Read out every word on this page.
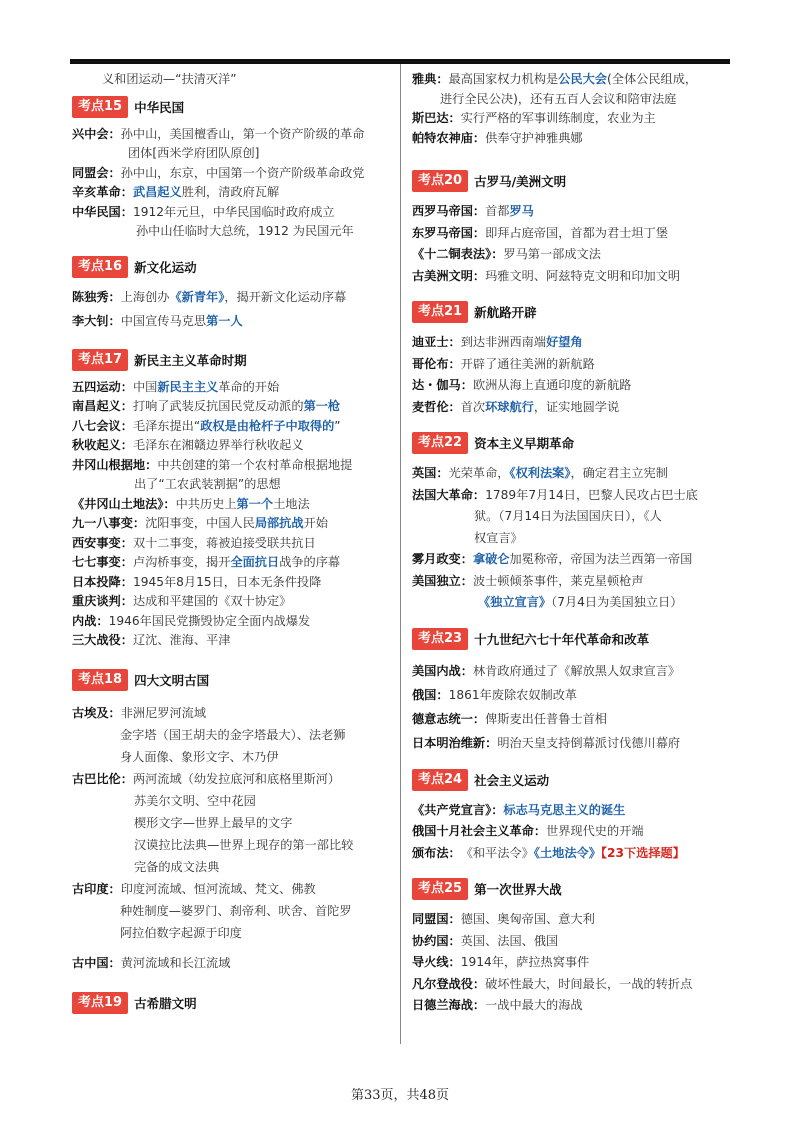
义和团运动—“扶清灭洋”
考点15 中华民国
兴中会： 孙中山，美国檀香山，第一个资产阶级的革命
团体[西米学府团队原创]
同盟会： 孙中山，东京，中国第一个资产阶级革命政党
辛亥革命： 武昌起义胜利，清政府瓦解
中华民国： 1912年元旦，中华民国临时政府成立
孙中山任临时大总统，1912 为民国元年
考点16 新文化运动
陈独秀： 上海创办《新青年》，揭开新文化运动序幕
李大钊： 中国宣传马克思第一人
考点17 新民主主义革命时期
五四运动： 中国新民主主义革命的开始
南昌起义： 打响了武装反抗国民党反动派的第一枪
八七会议： 毛泽东提出“政权是由枪杆子中取得的”
秋收起义： 毛泽东在湘赣边界举行秋收起义
井冈山根据地： 中共创建的第一个农村革命根据地提
出了“工农武装割据”的思想
《井冈山土地法》： 中共历史上第一个土地法
九一八事变： 沈阳事变，中国人民局部抗战开始
西安事变： 双十二事变，蒋被迫接受联共抗日
七七事变： 卢沟桥事变，揭开全面抗日战争的序幕
日本投降： 1945年8月15日，日本无条件投降
重庆谈判： 达成和平建国的《双十协定》
内战： 1946年国民党撕毁协定全面内战爆发
三大战役： 辽沈、淮海、平津
考点18 四大文明古国
古埃及： 非洲尼罗河流域
金字塔（国王胡夫的金字塔最大）、法老狮
身人面像、象形文字、木乃伊
古巴比伦： 两河流域（幼发拉底河和底格里斯河）
苏美尔文明、空中花园
楔形文字—世界上最早的文字
汉谟拉比法典—世界上现存的第一部比较
完备的成文法典
古印度： 印度河流域、恒河流域、梵文、佛教
种姓制度—婆罗门、刹帝利、吠舍、首陀罗
阿拉伯数字起源于印度
古中国： 黄河流域和长江流域
考点19 古希腊文明
雅典： 最高国家权力机构是公民大会(全体公民组成，
进行全民公决)，还有五百人会议和陪审法庭
斯巴达： 实行严格的军事训练制度，农业为主
帕特农神庙： 供奉守护神雅典娜
考点20 古罗马/美洲文明
西罗马帝国： 首都罗马
东罗马帝国： 即拜占庭帝国，首都为君士坦丁堡
《十二铜表法》： 罗马第一部成文法
古美洲文明： 玛雅文明、阿兹特克文明和印加文明
考点21 新航路开辟
迪亚士： 到达非洲西南端好望角
哥伦布： 开辟了通往美洲的新航路
达・伽马： 欧洲从海上直通印度的新航路
麦哲伦： 首次环球航行，证实地圆学说
考点22 资本主义早期革命
英国： 光荣革命，《权利法案》，确定君主立宪制
法国大革命： 1789年7月14日，巴黎人民攻占巴士底
狱。（7月14日为法国国庆日），《人
权宣言》
雾月政变： 拿破仑加冕称帝，帝国为法兰西第一帝国
美国独立： 波士顿倾茶事件，莱克星顿枪声
《独立宣言》（7月4日为美国独立日）
考点23 十九世纪六七十年代革命和改革
美国内战： 林肯政府通过了《解放黑人奴隶宣言》
俄国： 1861年废除农奴制改革
德意志统一： 俾斯麦出任普鲁士首相
日本明治维新： 明治天皇支持倒幕派讨伐德川幕府
考点24 社会主义运动
《共产党宣言》： 标志马克思主义的诞生
俄国十月社会主义革命： 世界现代史的开端
颁布法： 《和平法令》《土地法令》【23下选择题】
考点25 第一次世界大战
同盟国： 德国、奥匈帝国、意大利
协约国： 英国、法国、俄国
导火线： 1914年，萨拉热窝事件
凡尔登战役： 破坏性最大，时间最长，一战的转折点
日德兰海战： 一战中最大的海战
第33页，共48页
